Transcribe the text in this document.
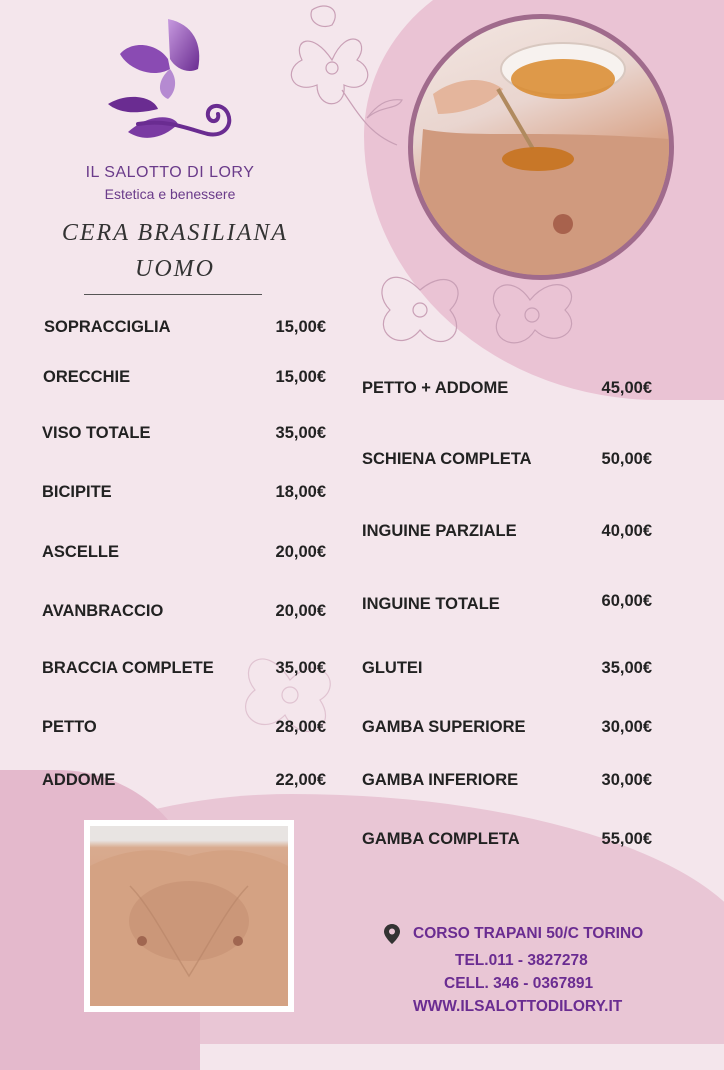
IL SALOTTO DI LORY
Estetica e benessere
CERA BRASILIANA
UOMO
SOPRACCIGLIA	15,00€
ORECCHIE	15,00€
VISO TOTALE	35,00€
BICIPITE	18,00€
ASCELLE	20,00€
AVANBRACCIO	20,00€
BRACCIA COMPLETE	35,00€
PETTO	28,00€
ADDOME	22,00€
PETTO + ADDOME	45,00€
SCHIENA COMPLETA	50,00€
INGUINE PARZIALE	40,00€
INGUINE TOTALE	60,00€
GLUTEI	35,00€
GAMBA SUPERIORE	30,00€
GAMBA INFERIORE	30,00€
GAMBA COMPLETA	55,00€
CORSO TRAPANI 50/C TORINO
TEL.011 - 3827278
CELL. 346 - 0367891
WWW.ILSALOTTODILORY.IT
